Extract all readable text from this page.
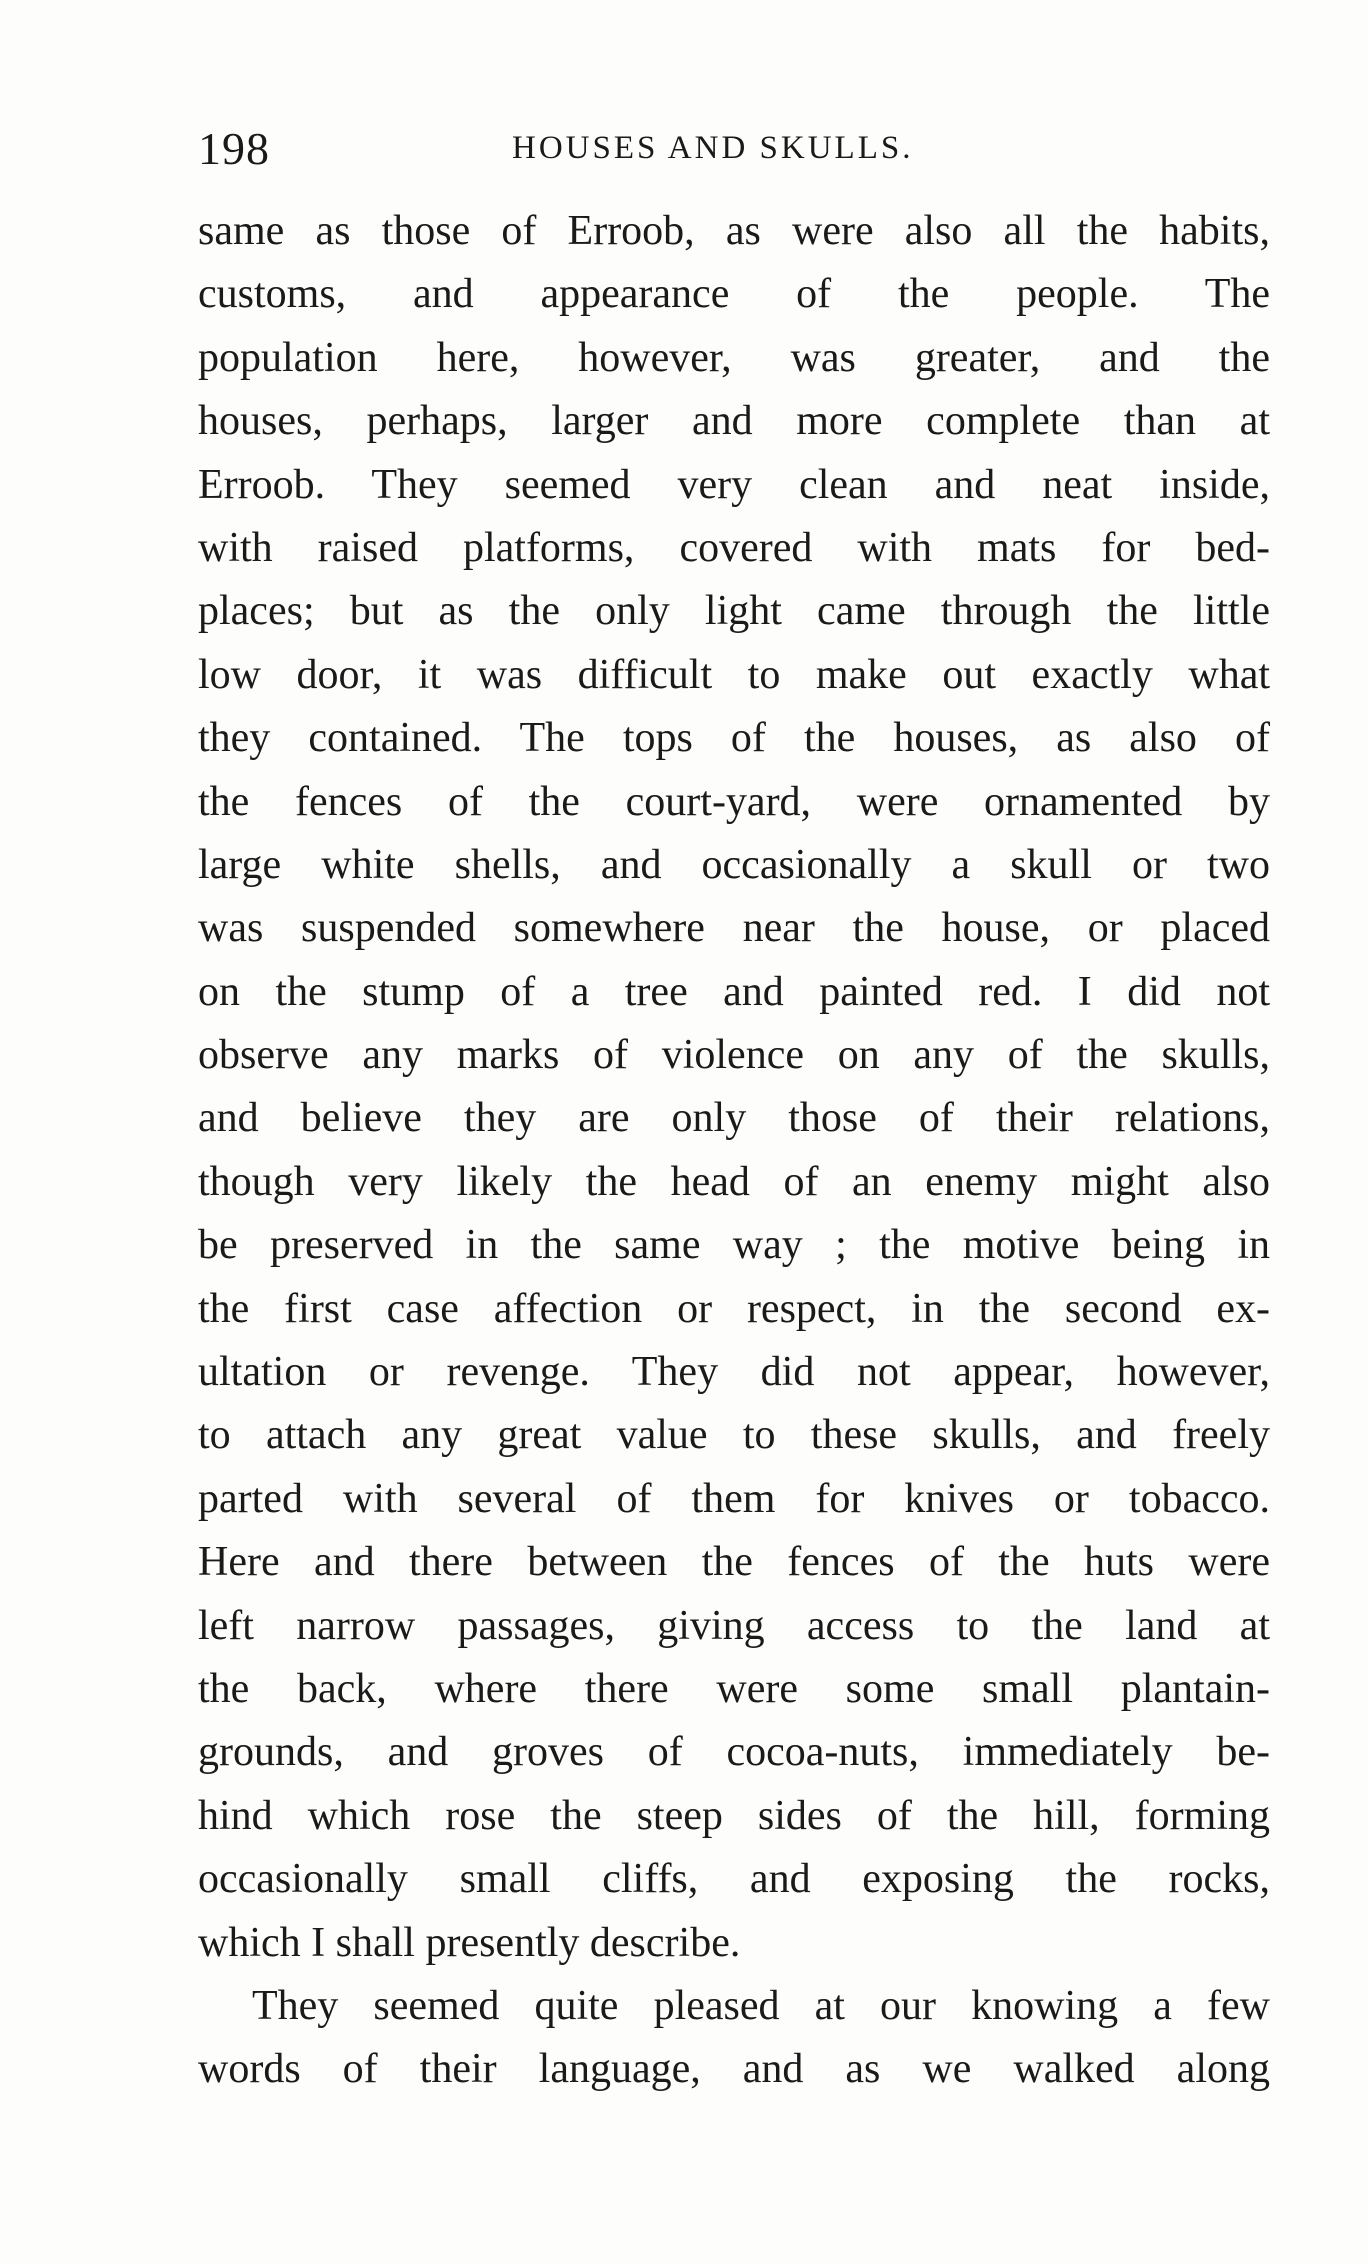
198	HOUSES AND SKULLS.
same as those of Erroob, as were also all the habits,
customs, and appearance of the people. The
population here, however, was greater, and the
houses, perhaps, larger and more complete than at
Erroob. They seemed very clean and neat inside,
with raised platforms, covered with mats for bed-
places; but as the only light came through the little
low door, it was difficult to make out exactly what
they contained. The tops of the houses, as also of
the fences of the court-yard, were ornamented by
large white shells, and occasionally a skull or two
was suspended somewhere near the house, or placed
on the stump of a tree and painted red. I did not
observe any marks of violence on any of the skulls,
and believe they are only those of their relations,
though very likely the head of an enemy might also
be preserved in the same way ; the motive being in
the first case affection or respect, in the second ex-
ultation or revenge. They did not appear, however,
to attach any great value to these skulls, and freely
parted with several of them for knives or tobacco.
Here and there between the fences of the huts were
left narrow passages, giving access to the land at
the back, where there were some small plantain-
grounds, and groves of cocoa-nuts, immediately be-
hind which rose the steep sides of the hill, forming
occasionally small cliffs, and exposing the rocks,
which I shall presently describe.
They seemed quite pleased at our knowing a few
words of their language, and as we walked along
